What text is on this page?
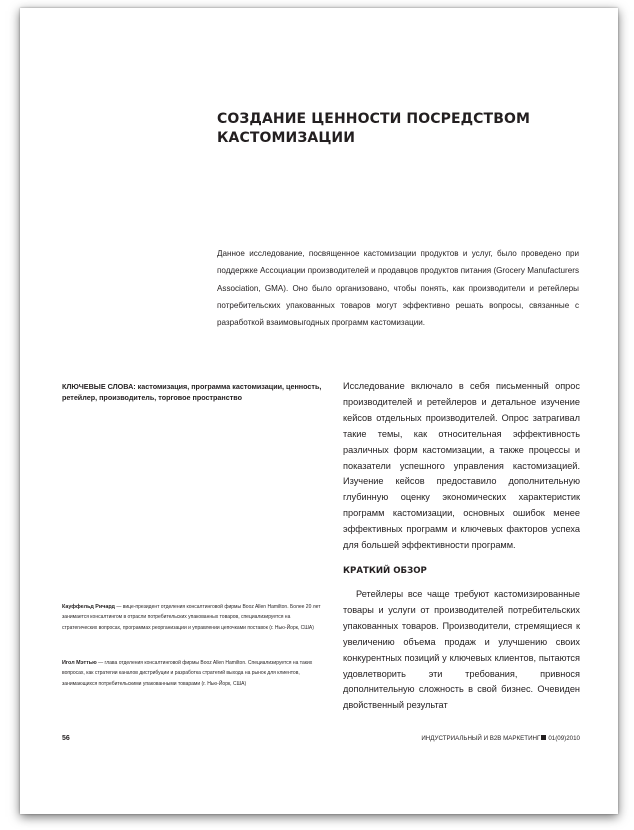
СОЗДАНИЕ ЦЕННОСТИ ПОСРЕДСТВОМ КАСТОМИЗАЦИИ

Данное исследование, посвященное кастомизации продуктов и услуг, было проведено при поддержке Ассоциации производителей и продавцов продуктов питания (Grocery Manufacturers Association, GMA). Оно было организовано, чтобы понять, как производители и ретейлеры потребительских упакованных товаров могут эффективно решать вопросы, связанные с разработкой взаимовыгодных программ кастомизации.

КЛЮЧЕВЫЕ СЛОВА: кастомизация, программа кастомизации, ценность, ретейлер, производитель, торговое пространство

Исследование включало в себя письменный опрос производителей и ретейлеров и детальное изучение кейсов отдельных производителей. Опрос затрагивал такие темы, как относительная эффективность различных форм кастомизации, а также процессы и показатели успешного управления кастомизацией. Изучение кейсов предоставило дополнительную глубинную оценку экономических характеристик программ кастомизации, основных ошибок менее эффективных программ и ключевых факторов успеха для большей эффективности программ.

КРАТКИЙ ОБЗОР

Ретейлеры все чаще требуют кастомизированные товары и услуги от производителей потребительских упакованных товаров. Производители, стремящиеся к увеличению объема продаж и улучшению своих конкурентных позиций у ключевых клиентов, пытаются удовлетворить эти требования, привнося дополнительную сложность в свой бизнес. Очевиден двойственный результат

Кауффельд Ричард — вице-президент отделения консалтинговой фирмы Booz Allen Hamilton. Более 20 лет занимается консалтингом в отрасли потребительских упакованных товаров, специализируется на стратегических вопросах, программах реорганизации и управлении цепочками поставок (г. Нью-Йорк, США)

Игол Мэттью — глава отделения консалтинговой фирмы Booz Allen Hamilton. Специализируется на таких вопросах, как стратегии каналов дистрибуции и разработка стратегий выхода на рынок для клиентов, занимающихся потребительскими упакованными товарами (г. Нью-Йорк, США)

56	ИНДУСТРИАЛЬНЫЙ И B2B МАРКЕТИНГ 01(09)2010
